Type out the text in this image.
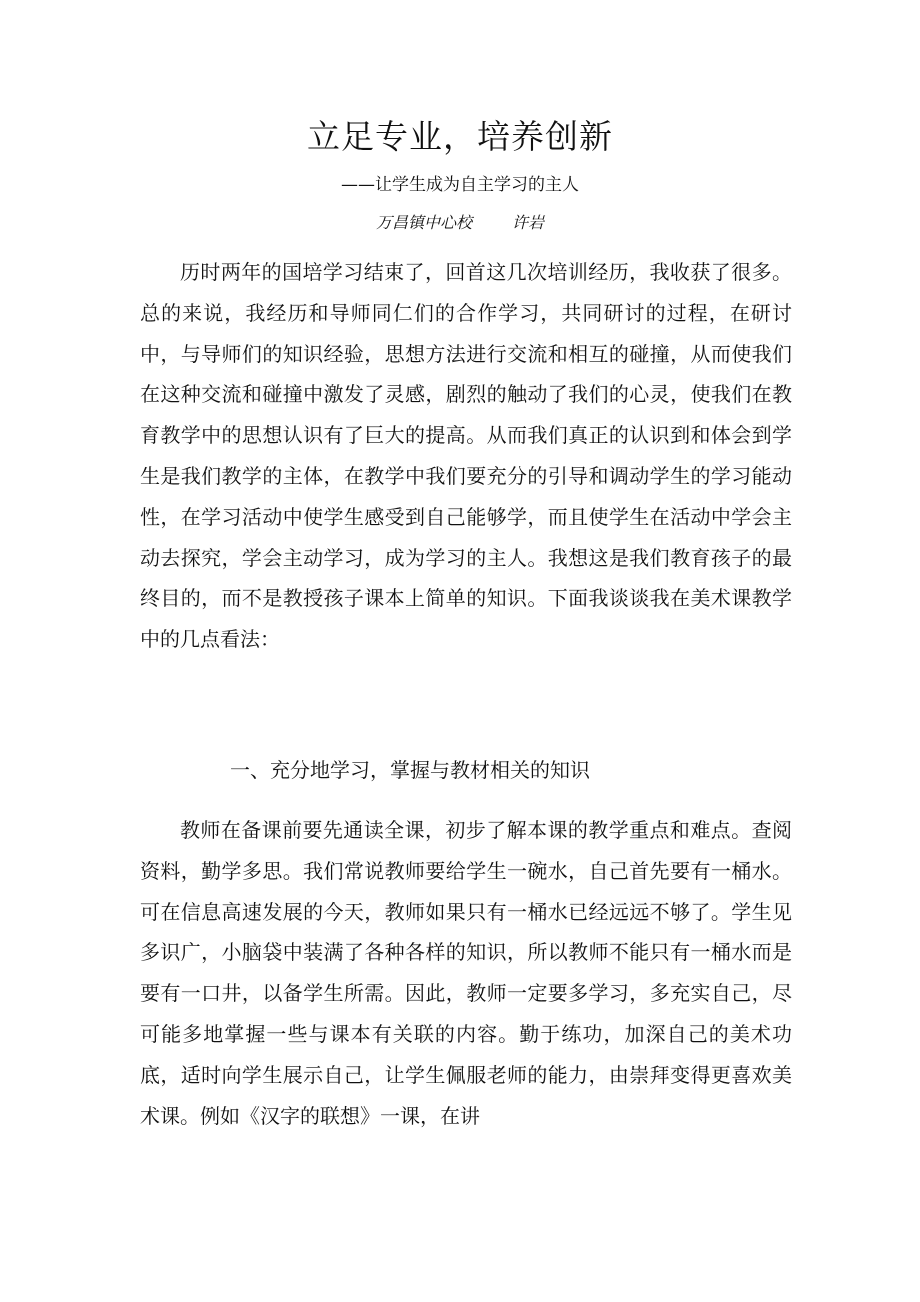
立足专业，培养创新
——让学生成为自主学习的主人
万昌镇中心校	许岩

历时两年的国培学习结束了，回首这几次培训经历，我收获了很多。总的来说，我经历和导师同仁们的合作学习，共同研讨的过程，在研讨中，与导师们的知识经验，思想方法进行交流和相互的碰撞，从而使我们在这种交流和碰撞中激发了灵感，剧烈的触动了我们的心灵，使我们在教育教学中的思想认识有了巨大的提高。从而我们真正的认识到和体会到学生是我们教学的主体，在教学中我们要充分的引导和调动学生的学习能动性，在学习活动中使学生感受到自己能够学，而且使学生在活动中学会主动去探究，学会主动学习，成为学习的主人。我想这是我们教育孩子的最终目的，而不是教授孩子课本上简单的知识。下面我谈谈我在美术课教学中的几点看法：

一、充分地学习，掌握与教材相关的知识

教师在备课前要先通读全课，初步了解本课的教学重点和难点。查阅资料，勤学多思。我们常说教师要给学生一碗水，自己首先要有一桶水。可在信息高速发展的今天，教师如果只有一桶水已经远远不够了。学生见多识广，小脑袋中装满了各种各样的知识，所以教师不能只有一桶水而是要有一口井，以备学生所需。因此，教师一定要多学习，多充实自己，尽可能多地掌握一些与课本有关联的内容。勤于练功，加深自己的美术功底，适时向学生展示自己，让学生佩服老师的能力，由崇拜变得更喜欢美术课。例如《汉字的联想》一课，在讲
